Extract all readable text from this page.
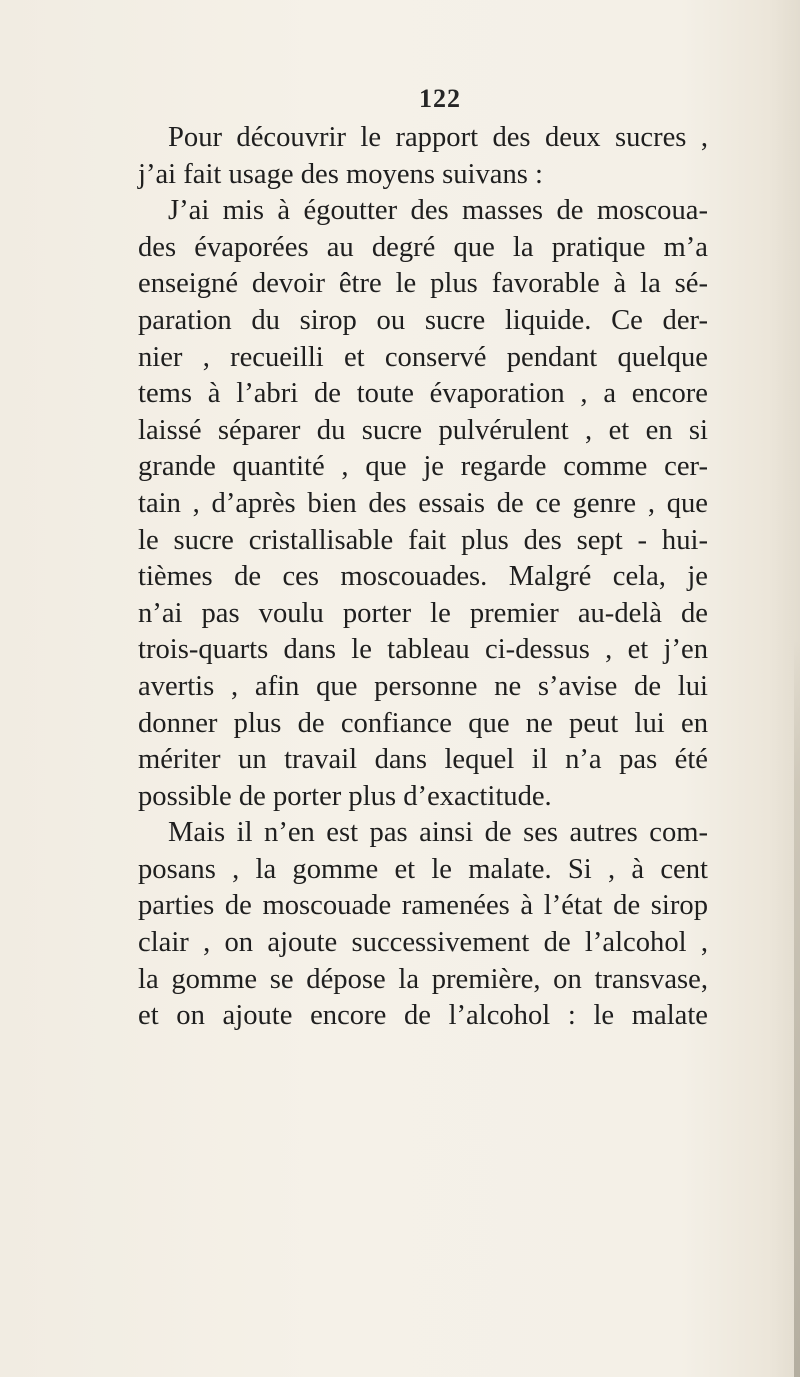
122
Pour découvrir le rapport des deux sucres ,
j’ai fait usage des moyens suivans :
J’ai mis à égoutter des masses de moscoua-
des évaporées au degré que la pratique m’a
enseigné devoir être le plus favorable à la sé-
paration du sirop ou sucre liquide. Ce der-
nier , recueilli et conservé pendant quelque
tems à l’abri de toute évaporation , a encore
laissé séparer du sucre pulvérulent , et en si
grande quantité , que je regarde comme cer-
tain , d’après bien des essais de ce genre , que
le sucre cristallisable fait plus des sept - hui-
tièmes de ces moscouades. Malgré cela, je
n’ai pas voulu porter le premier au-delà de
trois-quarts dans le tableau ci-dessus , et j’en
avertis , afin que personne ne s’avise de lui
donner plus de confiance que ne peut lui en
mériter un travail dans lequel il n’a pas été
possible de porter plus d’exactitude.
Mais il n’en est pas ainsi de ses autres com-
posans , la gomme et le malate. Si , à cent
parties de moscouade ramenées à l’état de sirop
clair , on ajoute successivement de l’alcohol ,
la gomme se dépose la première, on transvase,
et on ajoute encore de l’alcohol : le malate
